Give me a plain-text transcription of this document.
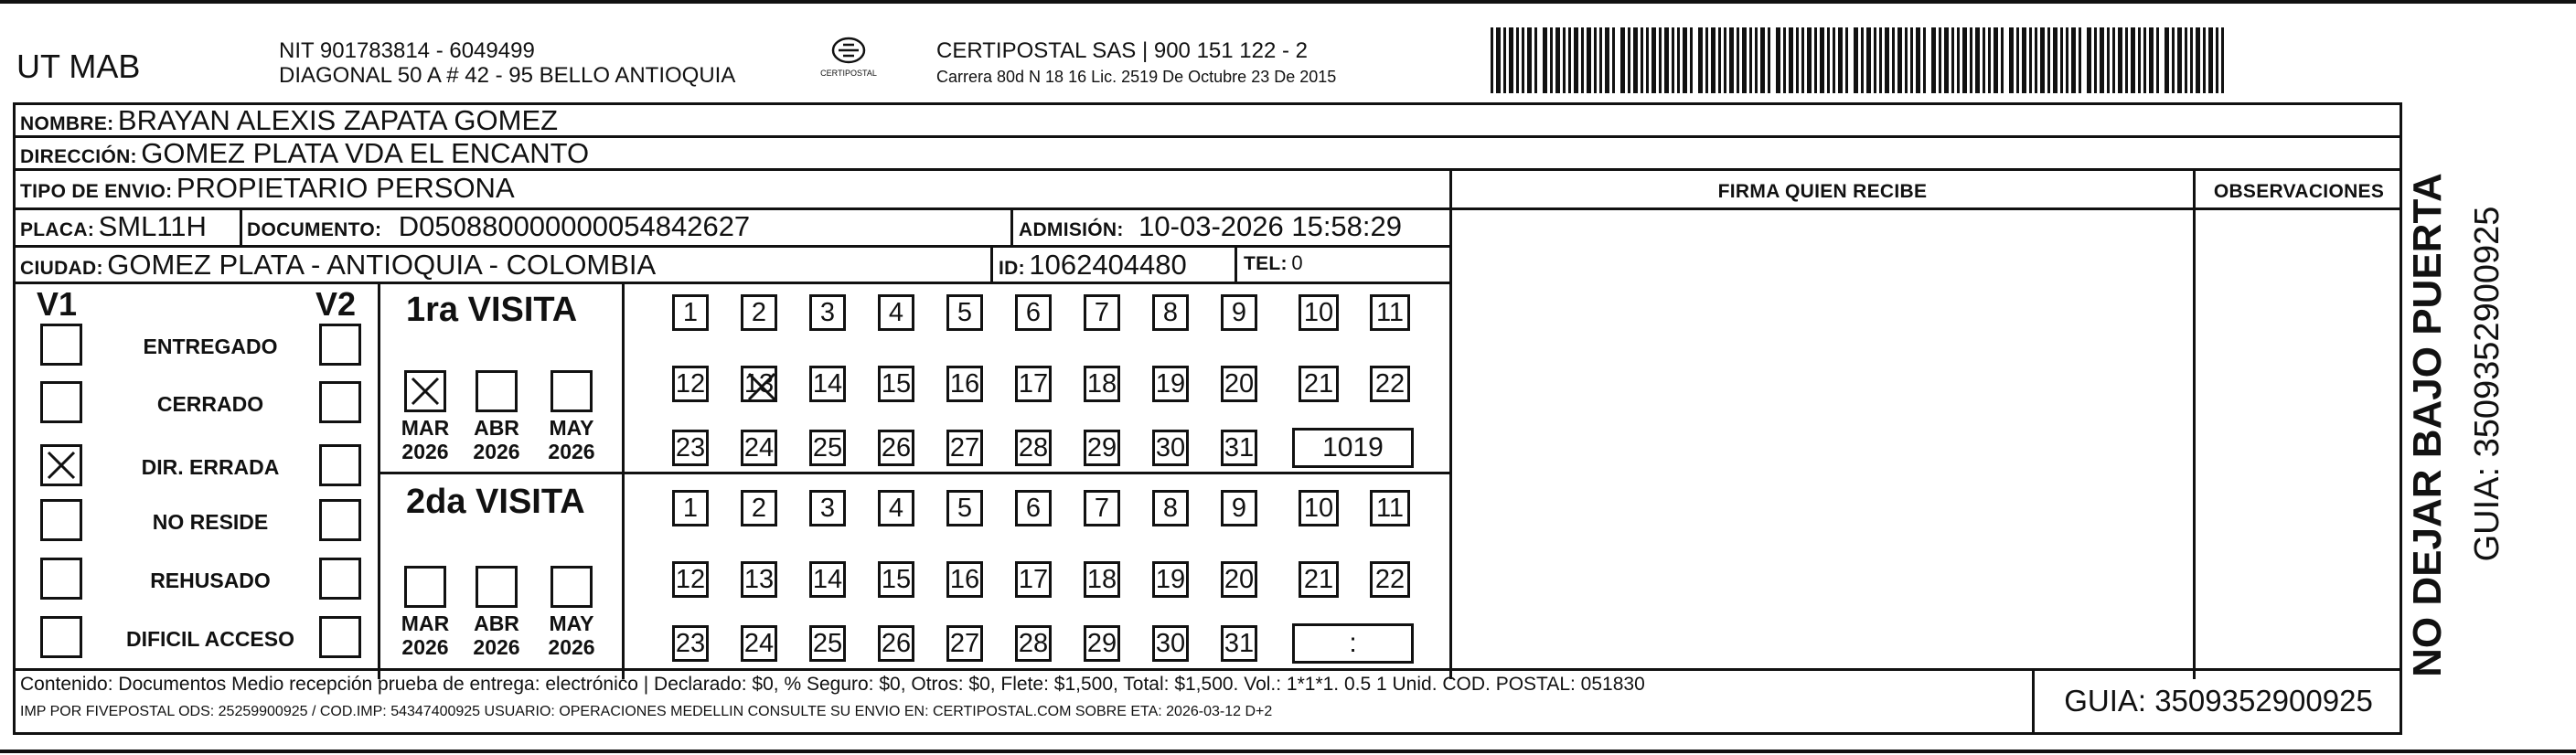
UT MAB	NIT 901783814 - 6049499
DIAGONAL 50 A # 42 - 95 BELLO ANTIOQUIA	CERTIPOSTAL
CERTIPOSTAL SAS | 900 151 122 - 2
Carrera 80d N 18 16 Lic. 2519 De Octubre 23 De 2015
NOMBRE: BRAYAN ALEXIS ZAPATA GOMEZ
DIRECCIÓN: GOMEZ PLATA VDA EL ENCANTO
TIPO DE ENVIO: PROPIETARIO PERSONA
PLACA: SML11H DOCUMENTO: D050880000000054842627	ADMISIÓN: 10-03-2026 15:58:29
CIUDAD: GOMEZ PLATA - ANTIOQUIA - COLOMBIA	ID: 1062404480	TEL: 0
FIRMA QUIEN RECIBE	OBSERVACIONES
V1	V2
ENTREGADO
CERRADO
DIR. ERRADA
NO RESIDE
REHUSADO
DIFICIL ACCESO
1ra VISITA
2da VISITA
MAR
2026
ABR
2026
MAY
2026
1 2 3 4 5 6 7 8 9 10 11
12 13 14 15 16 17 18 19 20 21 22
23 24 25 26 27 28 29 30 31	1019
MAR
2026
ABR
2026
MAY
2026
1 2 3 4 5 6 7 8 9 10 11
12 13 14 15 16 17 18 19 20 21 22
23 24 25 26 27 28 29 30 31	:
Contenido: Documentos Medio recepción prueba de entrega: electrónico | Declarado: $0, % Seguro: $0, Otros: $0, Flete: $1,500, Total: $1,500. Vol.: 1*1*1. 0.5 1 Unid. COD. POSTAL: 051830
IMP POR FIVEPOSTAL ODS: 25259900925 / COD.IMP: 54347400925 USUARIO: OPERACIONES MEDELLIN CONSULTE SU ENVIO EN: CERTIPOSTAL.COM SOBRE ETA: 2026-03-12 D+2	GUIA: 3509352900925
NO DEJAR BAJO PUERTA GUIA: 3509352900925
